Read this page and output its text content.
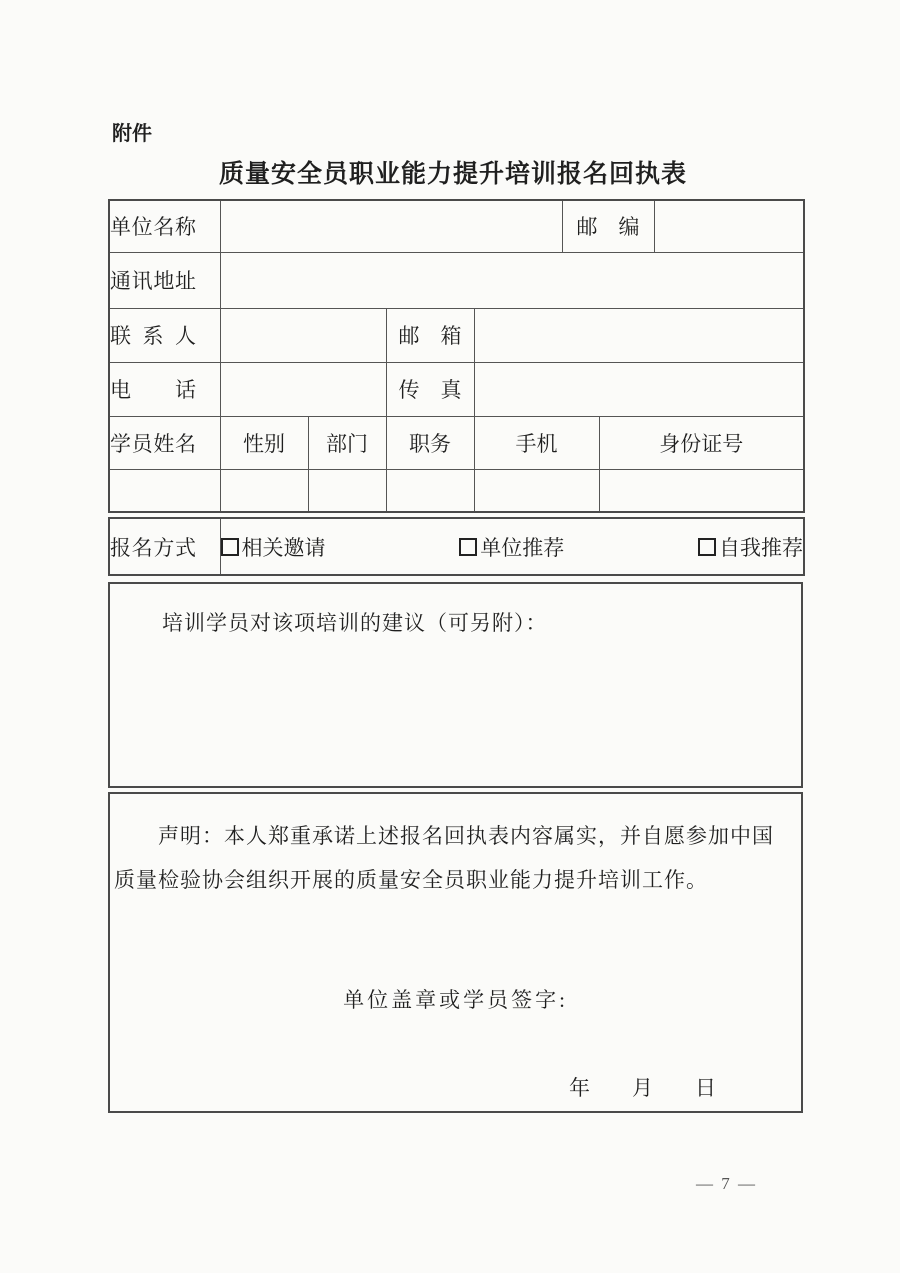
附件
质量安全员职业能力提升培训报名回执表
单位名称					邮　编		
通讯地址							
联系人			邮　箱				
电话			传　真				
学员姓名	性别	部门	职务	手机		身份证号	

报名方式	相关邀请	单位推荐	自我推荐
培训学员对该项培训的建议（可另附）：

声明：本人郑重承诺上述报名回执表内容属实，并自愿参加中国质量检验协会组织开展的质量安全员职业能力提升培训工作。

单位盖章或学员签字:
年　　月　　日
— 7 —
